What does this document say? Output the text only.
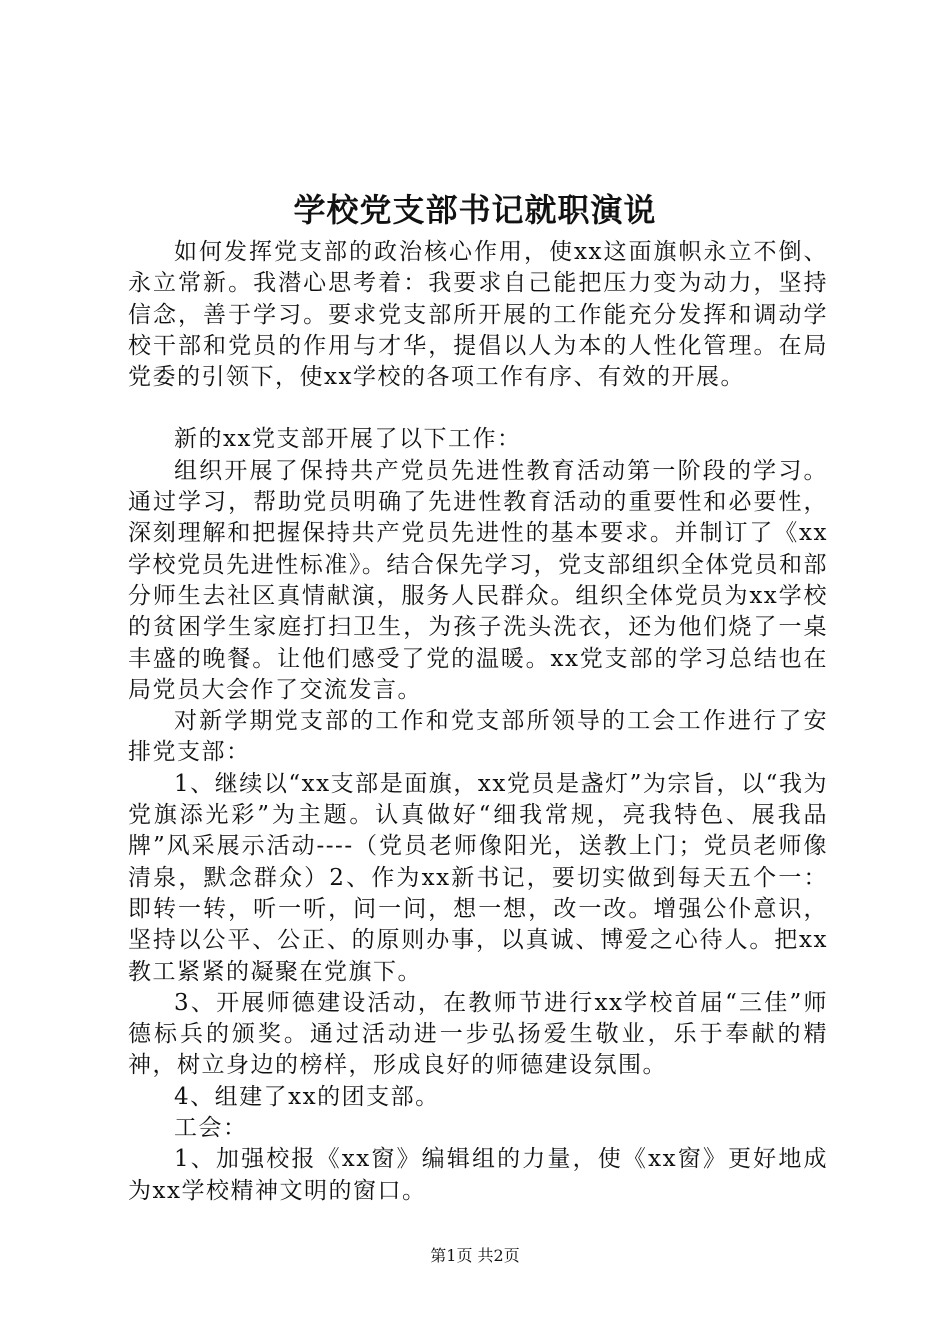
学校党支部书记就职演说

如何发挥党支部的政治核心作用，使xx这面旗帜永立不倒、永立常新。我潜心思考着：我要求自己能把压力变为动力，坚持信念，善于学习。要求党支部所开展的工作能充分发挥和调动学校干部和党员的作用与才华，提倡以人为本的人性化管理。在局党委的引领下，使xx学校的各项工作有序、有效的开展。

新的xx党支部开展了以下工作：

组织开展了保持共产党员先进性教育活动第一阶段的学习。通过学习，帮助党员明确了先进性教育活动的重要性和必要性，深刻理解和把握保持共产党员先进性的基本要求。并制订了《xx学校党员先进性标准》。结合保先学习，党支部组织全体党员和部分师生去社区真情献演，服务人民群众。组织全体党员为xx学校的贫困学生家庭打扫卫生，为孩子洗头洗衣，还为他们烧了一桌丰盛的晚餐。让他们感受了党的温暖。xx党支部的学习总结也在局党员大会作了交流发言。

对新学期党支部的工作和党支部所领导的工会工作进行了安排党支部：

1、继续以“xx支部是面旗，xx党员是盏灯”为宗旨，以“我为党旗添光彩”为主题。认真做好“细我常规，亮我特色、展我品牌”风采展示活动----（党员老师像阳光，送教上门；党员老师像清泉，默念群众）2、作为xx新书记，要切实做到每天五个一：即转一转，听一听，问一问，想一想，改一改。增强公仆意识，坚持以公平、公正、的原则办事，以真诚、博爱之心待人。把xx教工紧紧的凝聚在党旗下。

3、开展师德建设活动，在教师节进行xx学校首届“三佳”师德标兵的颁奖。通过活动进一步弘扬爱生敬业，乐于奉献的精神，树立身边的榜样，形成良好的师德建设氛围。

4、组建了xx的团支部。

工会：

1、加强校报《xx窗》编辑组的力量，使《xx窗》更好地成为xx学校精神文明的窗口。

第1页 共2页
